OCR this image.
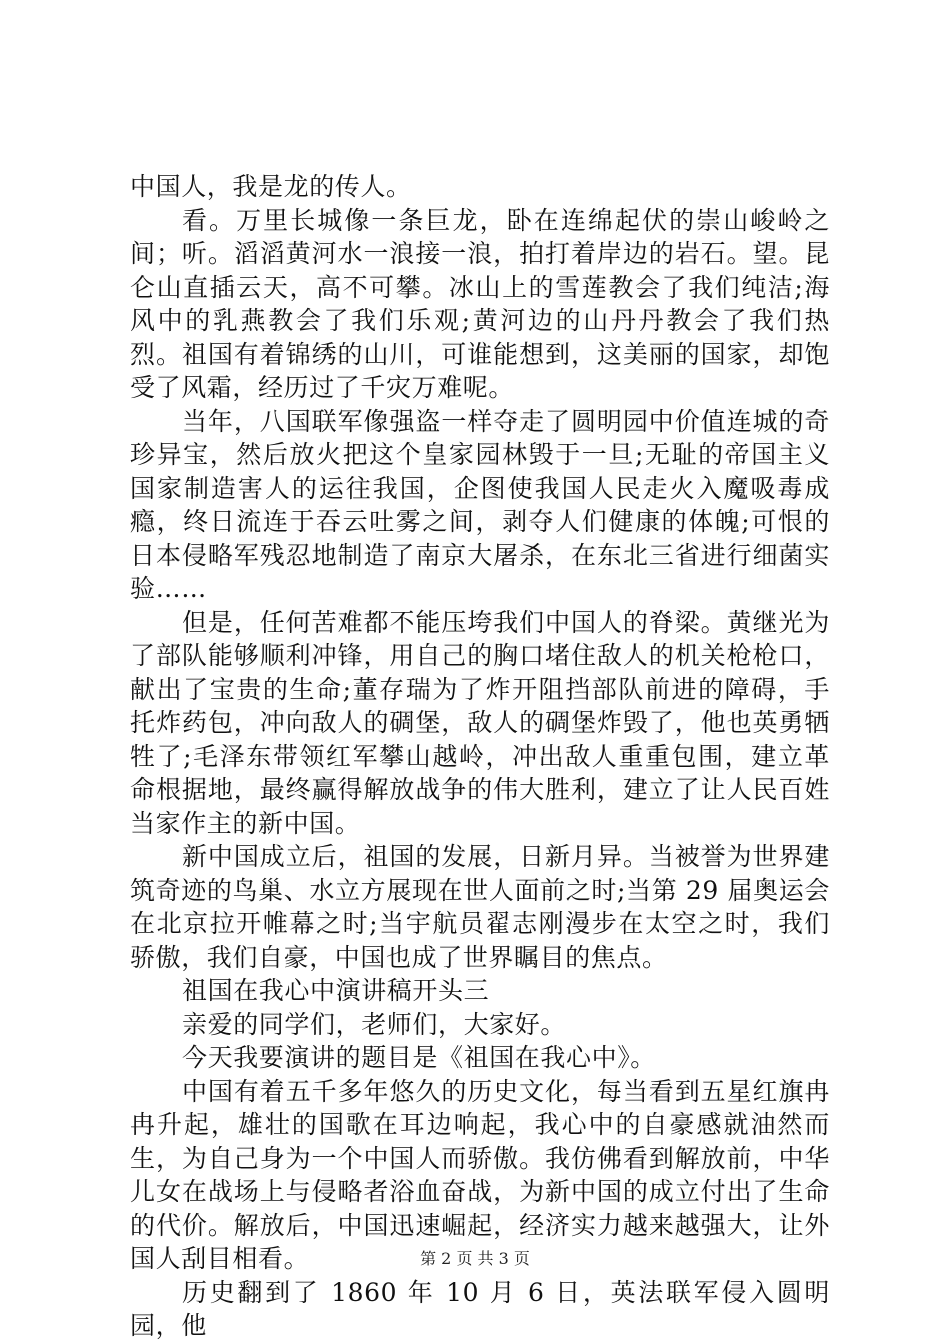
中国人，我是龙的传人。

看。万里长城像一条巨龙，卧在连绵起伏的崇山峻岭之间；听。滔滔黄河水一浪接一浪，拍打着岸边的岩石。望。昆仑山直插云天，高不可攀。冰山上的雪莲教会了我们纯洁;海风中的乳燕教会了我们乐观;黄河边的山丹丹教会了我们热烈。祖国有着锦绣的山川，可谁能想到，这美丽的国家，却饱受了风霜，经历过了千灾万难呢。

当年，八国联军像强盗一样夺走了圆明园中价值连城的奇珍异宝，然后放火把这个皇家园林毁于一旦;无耻的帝国主义国家制造害人的运往我国，企图使我国人民走火入魔吸毒成瘾，终日流连于吞云吐雾之间，剥夺人们健康的体魄;可恨的日本侵略军残忍地制造了南京大屠杀，在东北三省进行细菌实验……

但是，任何苦难都不能压垮我们中国人的脊梁。黄继光为了部队能够顺利冲锋，用自己的胸口堵住敌人的机关枪枪口，献出了宝贵的生命;董存瑞为了炸开阻挡部队前进的障碍，手托炸药包，冲向敌人的碉堡，敌人的碉堡炸毁了，他也英勇牺牲了;毛泽东带领红军攀山越岭，冲出敌人重重包围，建立革命根据地，最终赢得解放战争的伟大胜利，建立了让人民百姓当家作主的新中国。

新中国成立后，祖国的发展，日新月异。当被誉为世界建筑奇迹的鸟巢、水立方展现在世人面前之时;当第 29 届奥运会在北京拉开帷幕之时;当宇航员翟志刚漫步在太空之时，我们骄傲，我们自豪，中国也成了世界瞩目的焦点。

祖国在我心中演讲稿开头三

亲爱的同学们，老师们，大家好。

今天我要演讲的题目是《祖国在我心中》。

中国有着五千多年悠久的历史文化，每当看到五星红旗冉冉升起，雄壮的国歌在耳边响起，我心中的自豪感就油然而生，为自己身为一个中国人而骄傲。我仿佛看到解放前，中华儿女在战场上与侵略者浴血奋战，为新中国的成立付出了生命的代价。解放后，中国迅速崛起，经济实力越来越强大，让外国人刮目相看。

历史翻到了 1860 年 10 月 6 日，英法联军侵入圆明园，他

第 2 页 共 3 页
